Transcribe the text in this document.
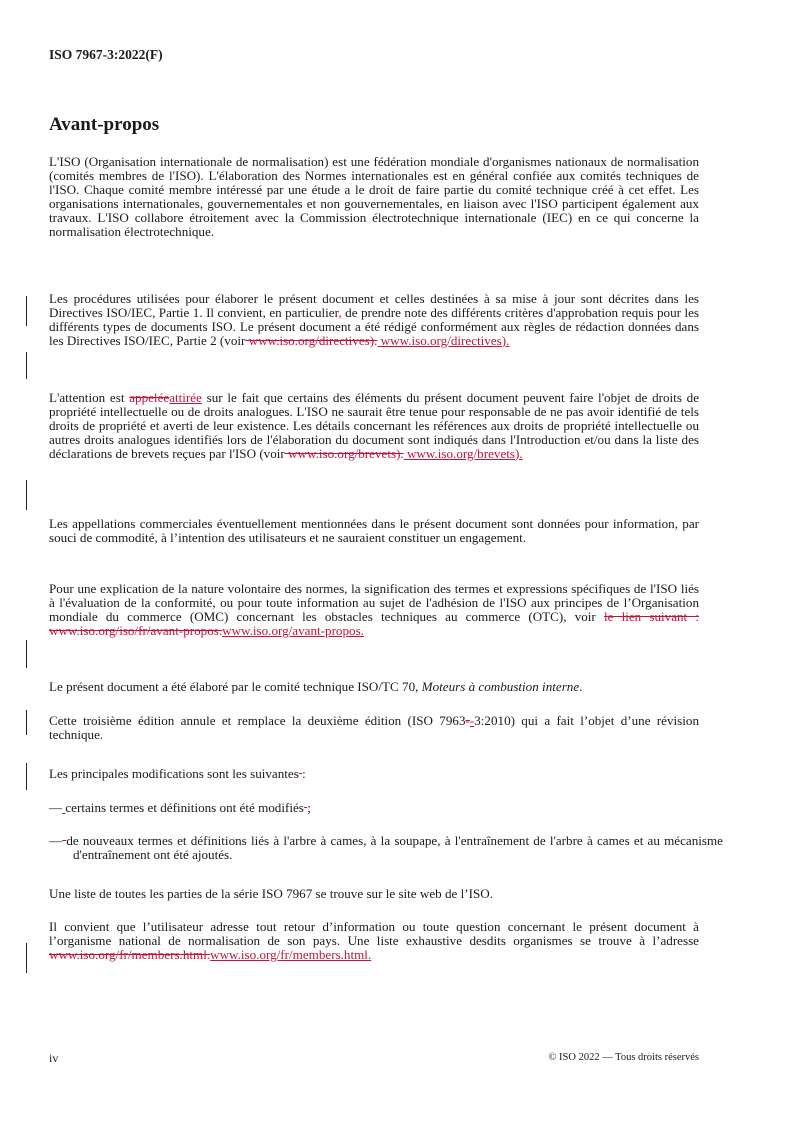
ISO 7967-3:2022(F)
Avant-propos

L'ISO (Organisation internationale de normalisation) est une fédération mondiale d'organismes nationaux de normalisation (comités membres de l'ISO). L'élaboration des Normes internationales est en général confiée aux comités techniques de l'ISO. Chaque comité membre intéressé par une étude a le droit de faire partie du comité technique créé à cet effet. Les organisations internationales, gouvernementales et non gouvernementales, en liaison avec l'ISO participent également aux travaux. L'ISO collabore étroitement avec la Commission électrotechnique internationale (IEC) en ce qui concerne la normalisation électrotechnique.

Les procédures utilisées pour élaborer le présent document et celles destinées à sa mise à jour sont décrites dans les Directives ISO/IEC, Partie 1. Il convient, en particulier, de prendre note des différents critères d'approbation requis pour les différents types de documents ISO. Le présent document a été rédigé conformément aux règles de rédaction données dans les Directives ISO/IEC, Partie 2 (voir www.iso.org/directives). www.iso.org/directives).

L'attention est appeléeattirée sur le fait que certains des éléments du présent document peuvent faire l'objet de droits de propriété intellectuelle ou de droits analogues. L'ISO ne saurait être tenue pour responsable de ne pas avoir identifié de tels droits de propriété et averti de leur existence. Les détails concernant les références aux droits de propriété intellectuelle ou autres droits analogues identifiés lors de l'élaboration du document sont indiqués dans l'Introduction et/ou dans la liste des déclarations de brevets reçues par l'ISO (voir www.iso.org/brevets). www.iso.org/brevets).

Les appellations commerciales éventuellement mentionnées dans le présent document sont données pour information, par souci de commodité, à l’intention des utilisateurs et ne sauraient constituer un engagement.

Pour une explication de la nature volontaire des normes, la signification des termes et expressions spécifiques de l'ISO liés à l'évaluation de la conformité, ou pour toute information au sujet de l'adhésion de l'ISO aux principes de l’Organisation mondiale du commerce (OMC) concernant les obstacles techniques au commerce (OTC), voir le lien suivant : www.iso.org/iso/fr/avant-propos.www.iso.org/avant-propos.

Le présent document a été élaboré par le comité technique ISO/TC 70, Moteurs à combustion interne.

Cette troisième édition annule et remplace la deuxième édition (ISO 7963--3:2010) qui a fait l’objet d’une révision technique.

Les principales modifications sont les suivantes :

— certains termes et définitions ont été modifiés ;

— de nouveaux termes et définitions liés à l'arbre à cames, à la soupape, à l'entraînement de l'arbre à cames et au mécanisme d'entraînement ont été ajoutés.

Une liste de toutes les parties de la série ISO 7967 se trouve sur le site web de l’ISO.

Il convient que l’utilisateur adresse tout retour d’information ou toute question concernant le présent document à l’organisme national de normalisation de son pays. Une liste exhaustive desdits organismes se trouve à l’adresse www.iso.org/fr/members.html.www.iso.org/fr/members.html.

iv	© ISO 2022 — Tous droits réservés
